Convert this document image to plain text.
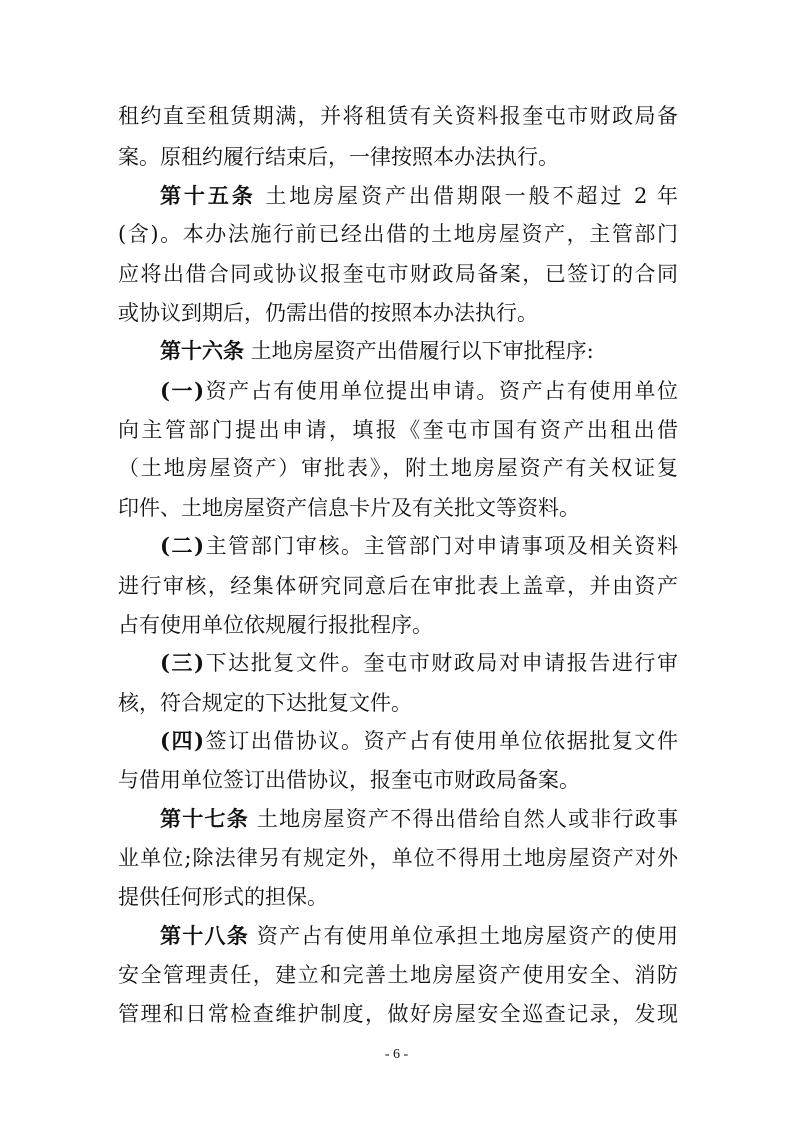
租约直至租赁期满，并将租赁有关资料报奎屯市财政局备
案。原租约履行结束后，一律按照本办法执行。
第十五条 土地房屋资产出借期限一般不超过 2 年
(含)。本办法施行前已经出借的土地房屋资产，主管部门
应将出借合同或协议报奎屯市财政局备案，已签订的合同
或协议到期后，仍需出借的按照本办法执行。
第十六条 土地房屋资产出借履行以下审批程序:
(一)资产占有使用单位提出申请。资产占有使用单位
向主管部门提出申请，填报《奎屯市国有资产出租出借
（土地房屋资产）审批表》，附土地房屋资产有关权证复
印件、土地房屋资产信息卡片及有关批文等资料。
(二)主管部门审核。主管部门对申请事项及相关资料
进行审核，经集体研究同意后在审批表上盖章，并由资产
占有使用单位依规履行报批程序。
(三)下达批复文件。奎屯市财政局对申请报告进行审
核，符合规定的下达批复文件。
(四)签订出借协议。资产占有使用单位依据批复文件
与借用单位签订出借协议，报奎屯市财政局备案。
第十七条 土地房屋资产不得出借给自然人或非行政事
业单位;除法律另有规定外，单位不得用土地房屋资产对外
提供任何形式的担保。
第十八条 资产占有使用单位承担土地房屋资产的使用
安全管理责任，建立和完善土地房屋资产使用安全、消防
管理和日常检查维护制度，做好房屋安全巡查记录，发现
- 6 -
